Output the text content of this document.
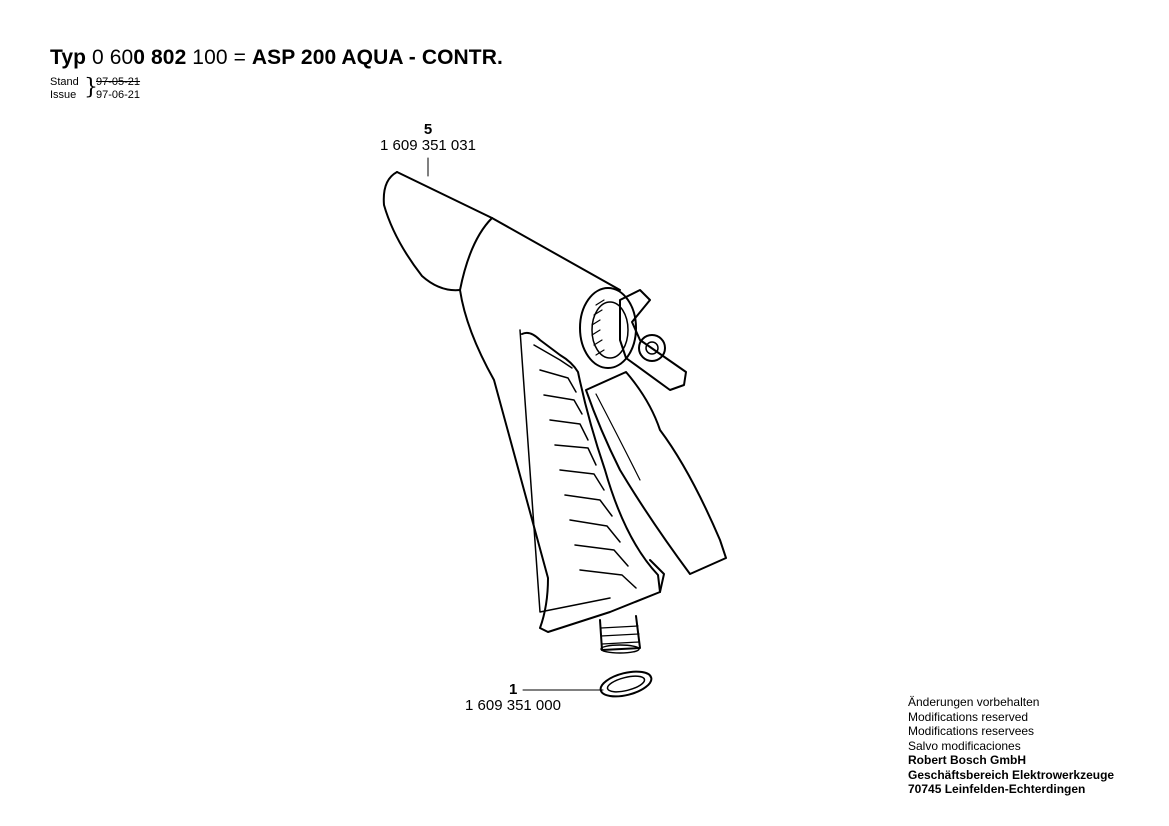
Typ 0 600 802 100 = ASP 200 AQUA - CONTR.
Stand
Issue }
97-05-21
97-06-21
5
1 609 351 031
1
1 609 351 000	Änderungen vorbehalten
Modifications reserved
Modifications reservees
Salvo modificaciones
Robert Bosch GmbH
Geschäftsbereich Elektrowerkzeuge
70745 Leinfelden-Echterdingen
